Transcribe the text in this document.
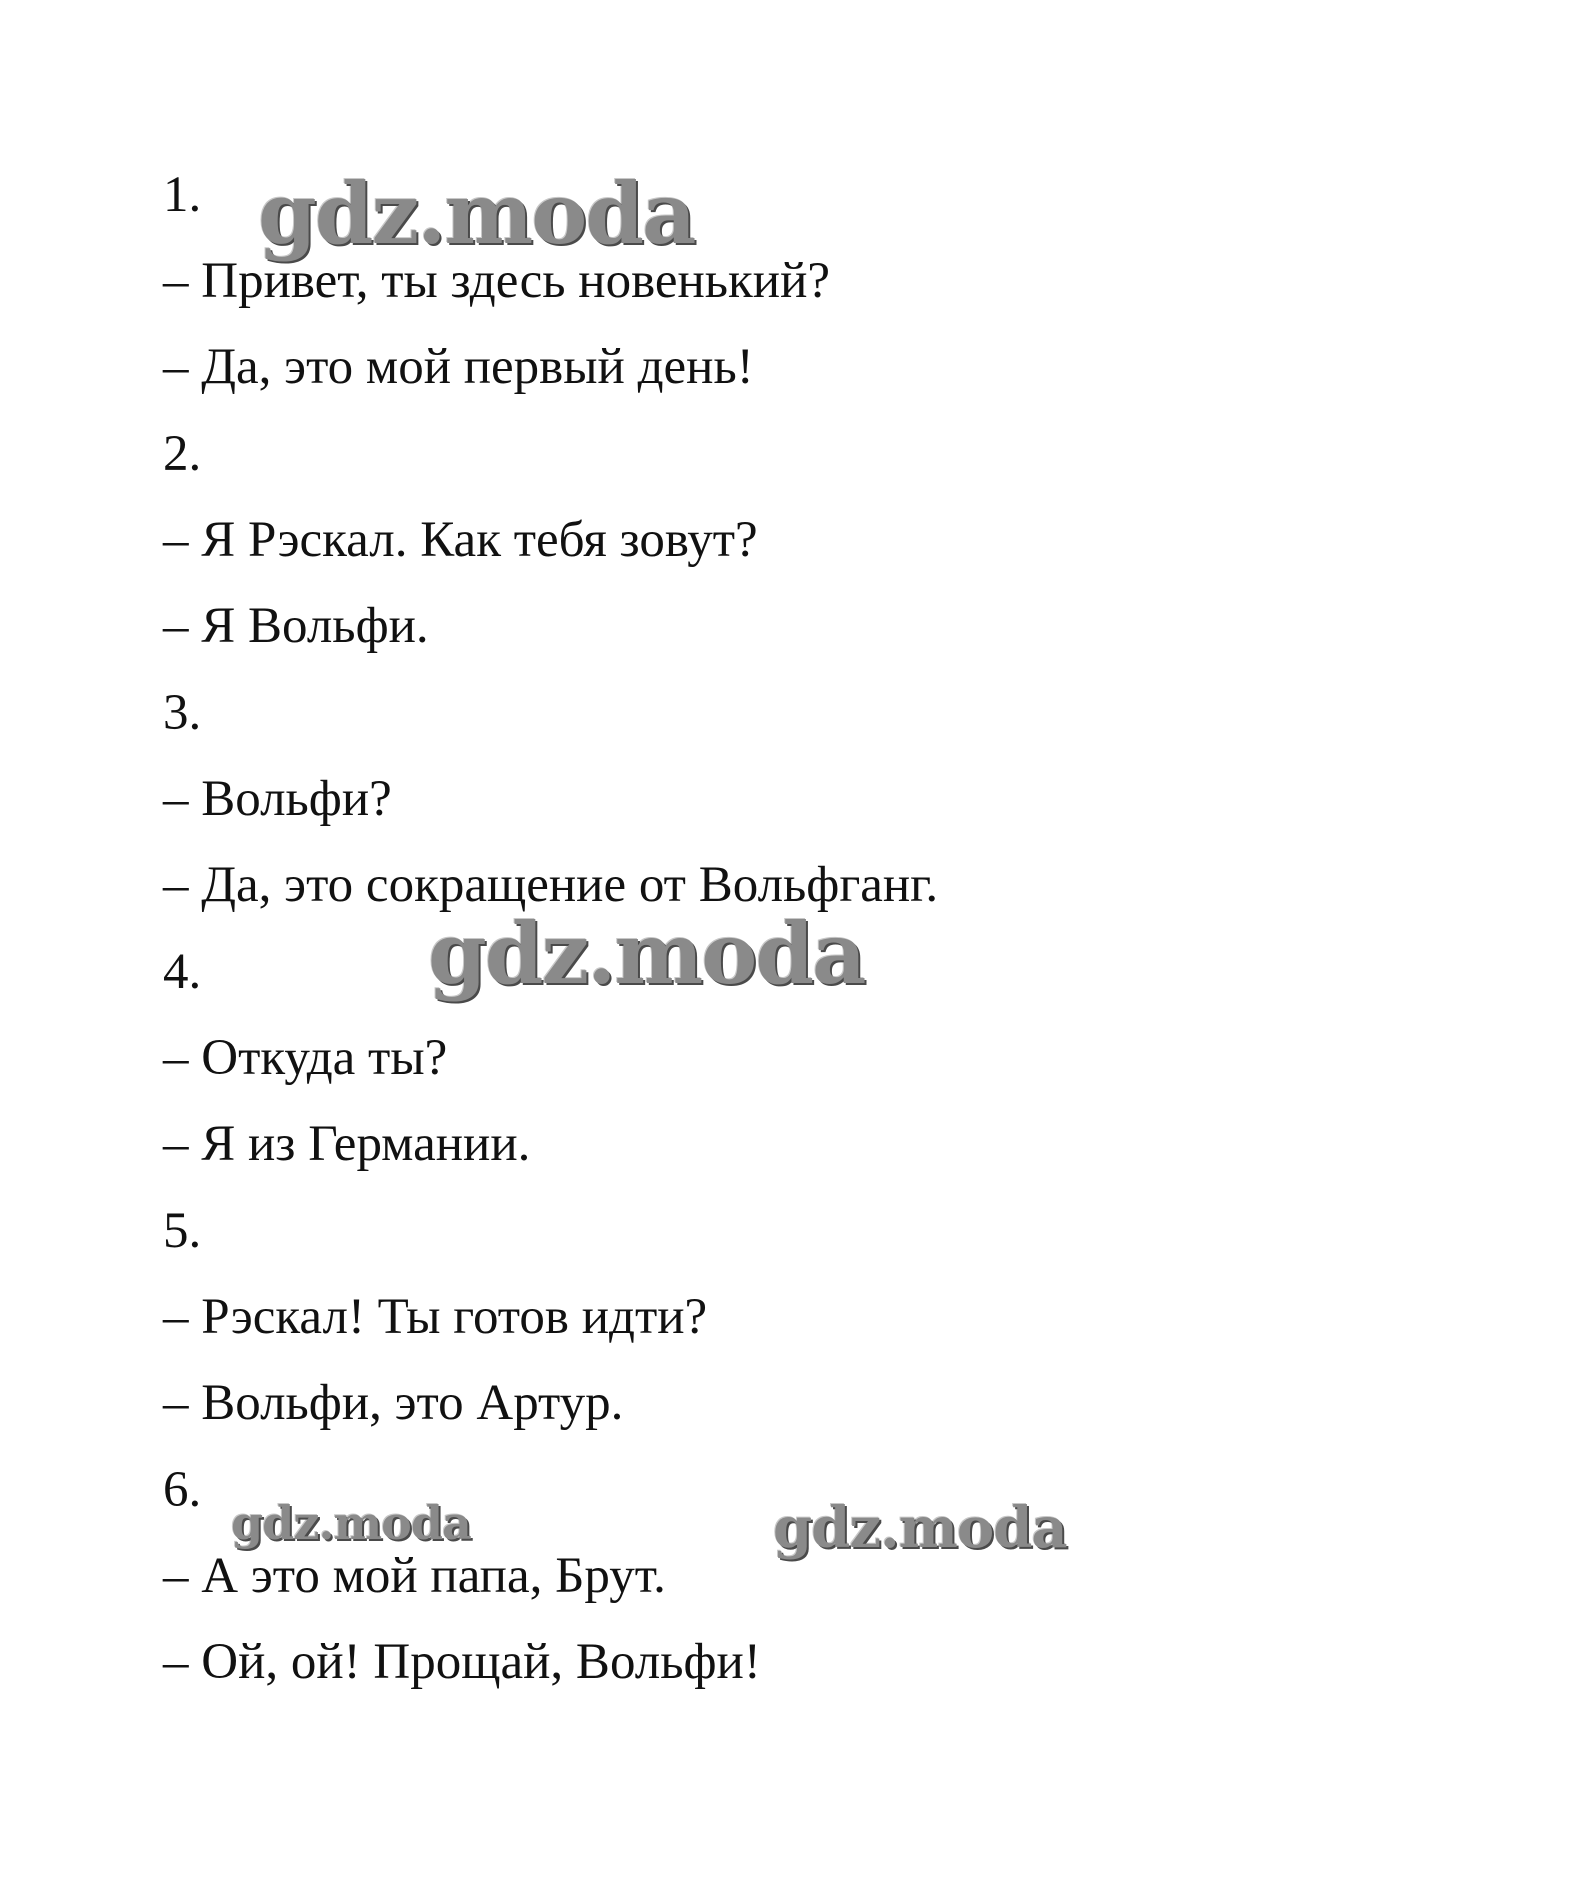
1.
– Привет, ты здесь новенький?
– Да, это мой первый день!
2.
– Я Рэскал. Как тебя зовут?
– Я Вольфи.
3.
– Вольфи?
– Да, это сокращение от Вольфганг.
4.
– Откуда ты?
– Я из Германии.
5.
– Рэскал! Ты готов идти?
– Вольфи, это Артур.
6.
– А это мой папа, Брут.
– Ой, ой! Прощай, Вольфи!
gdz.moda
gdz.moda
gdz.moda	gdz.moda
